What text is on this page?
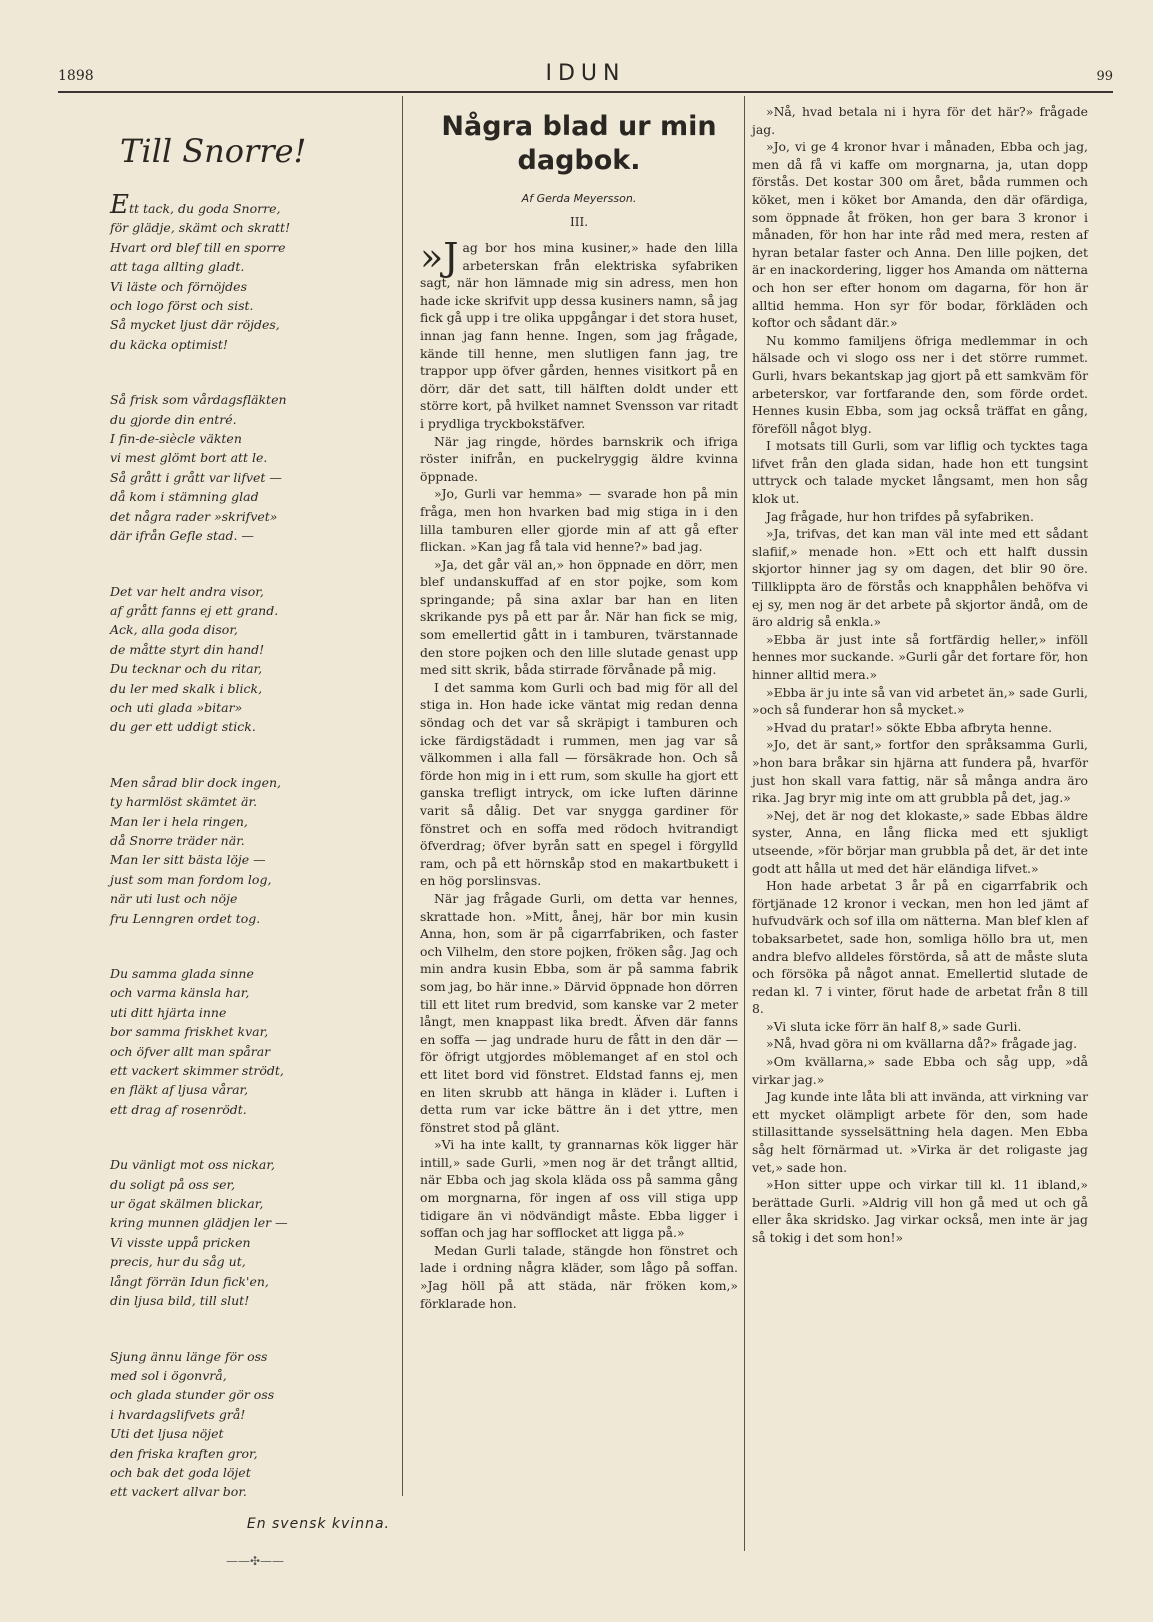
1898	IDUN	99
Till Snorre!
Ett tack, du goda Snorre,
för glädje, skämt och skratt!
Hvart ord blef till en sporre
att taga allting gladt.
Vi läste och förnöjdes
och logo först och sist.
Så mycket ljust där röjdes,
du käcka optimist!
Så frisk som vårdagsfläkten
du gjorde din entré.
I fin-de-siècle väkten
vi mest glömt bort att le.
Så grått i grått var lifvet —
då kom i stämning glad
det några rader »skrifvet»
där ifrån Gefle stad. —
Det var helt andra visor,
af grått fanns ej ett grand.
Ack, alla goda disor,
de måtte styrt din hand!
Du tecknar och du ritar,
du ler med skalk i blick,
och uti glada »bitar»
du ger ett uddigt stick.
Men sårad blir dock ingen,
ty harmlöst skämtet är.
Man ler i hela ringen,
då Snorre träder när.
Man ler sitt bästa löje —
just som man fordom log,
när uti lust och nöje
fru Lenngren ordet tog.
Du samma glada sinne
och varma känsla har,
uti ditt hjärta inne
bor samma friskhet kvar,
och öfver allt man spårar
ett vackert skimmer strödt,
en fläkt af ljusa vårar,
ett drag af rosenrödt.
Du vänligt mot oss nickar,
du soligt på oss ser,
ur ögat skälmen blickar,
kring munnen glädjen ler —
Vi visste uppå pricken
precis, hur du såg ut,
långt förrän Idun fick'en,
din ljusa bild, till slut!
Sjung ännu länge för oss
med sol i ögonvrå,
och glada stunder gör oss
i hvardagslifvets grå!
Uti det ljusa nöjet
den friska kraften gror,
och bak det goda löjet
ett vackert allvar bor.
En svensk kvinna.
——✣——
Några blad ur min dagbok.
Af Gerda Meyersson.
III.

»J ag bor hos mina kusiner,» hade den lilla arbeterskan från elektriska syfabriken sagt, när hon lämnade mig sin adress, men hon hade icke skrifvit upp dessa kusiners namn, så jag fick gå upp i tre olika uppgångar i det stora huset, innan jag fann henne. Ingen, som jag frågade, kände till henne, men slutligen fann jag, tre trappor upp öfver gården, hennes visitkort på en dörr, där det satt, till hälften doldt under ett större kort, på hvilket namnet Svensson var ritadt i prydliga tryckbokstäfver.

När jag ringde, hördes barnskrik och ifriga röster inifrån, en puckelryggig äldre kvinna öppnade.

»Jo, Gurli var hemma» — svarade hon på min fråga, men hon hvarken bad mig stiga in i den lilla tamburen eller gjorde min af att gå efter flickan. »Kan jag få tala vid henne?» bad jag.

»Ja, det går väl an,» hon öppnade en dörr, men blef undanskuffad af en stor pojke, som kom springande; på sina axlar bar han en liten skrikande pys på ett par år. När han fick se mig, som emellertid gått in i tamburen, tvärstannade den store pojken och den lille slutade genast upp med sitt skrik, båda stirrade förvånade på mig.

I det samma kom Gurli och bad mig för all del stiga in. Hon hade icke väntat mig redan denna söndag och det var så skräpigt i tamburen och icke färdigstädadt i rummen, men jag var så välkommen i alla fall — försäkrade hon. Och så förde hon mig in i ett rum, som skulle ha gjort ett ganska trefligt intryck, om icke luften därinne varit så dålig. Det var snygga gardiner för fönstret och en soffa med rödoch hvitrandigt öfverdrag; öfver byrån satt en spegel i förgylld ram, och på ett hörnskåp stod en makartbukett i en hög porslinsvas.

När jag frågade Gurli, om detta var hennes, skrattade hon. »Mitt, ånej, här bor min kusin Anna, hon, som är på cigarrfabriken, och faster och Vilhelm, den store pojken, fröken såg. Jag och min andra kusin Ebba, som är på samma fabrik som jag, bo här inne.» Därvid öppnade hon dörren till ett litet rum bredvid, som kanske var 2 meter långt, men knappast lika bredt. Äfven där fanns en soffa — jag undrade huru de fått in den där — för öfrigt utgjordes möblemanget af en stol och ett litet bord vid fönstret. Eldstad fanns ej, men en liten skrubb att hänga in kläder i. Luften i detta rum var icke bättre än i det yttre, men fönstret stod på glänt.

»Vi ha inte kallt, ty grannarnas kök ligger här intill,» sade Gurli, »men nog är det trångt alltid, när Ebba och jag skola kläda oss på samma gång om morgnarna, för ingen af oss vill stiga upp tidigare än vi nödvändigt måste. Ebba ligger i soffan och jag har sofflocket att ligga på.»

Medan Gurli talade, stängde hon fönstret och lade i ordning några kläder, som lågo på soffan. »Jag höll på att städa, när fröken kom,» förklarade hon.

»Nå, hvad betala ni i hyra för det här?» frågade jag.

»Jo, vi ge 4 kronor hvar i månaden, Ebba och jag, men då få vi kaffe om morgnarna, ja, utan dopp förstås. Det kostar 300 om året, båda rummen och köket, men i köket bor Amanda, den där ofärdiga, som öppnade åt fröken, hon ger bara 3 kronor i månaden, för hon har inte råd med mera, resten af hyran betalar faster och Anna. Den lille pojken, det är en inackordering, ligger hos Amanda om nätterna och hon ser efter honom om dagarna, för hon är alltid hemma. Hon syr för bodar, förkläden och koftor och sådant där.»

Nu kommo familjens öfriga medlemmar in och hälsade och vi slogo oss ner i det större rummet. Gurli, hvars bekantskap jag gjort på ett samkväm för arbeterskor, var fortfarande den, som förde ordet. Hennes kusin Ebba, som jag också träffat en gång, föreföll något blyg.

I motsats till Gurli, som var liflig och tycktes taga lifvet från den glada sidan, hade hon ett tungsint uttryck och talade mycket långsamt, men hon såg klok ut.

Jag frågade, hur hon trifdes på syfabriken.

»Ja, trifvas, det kan man väl inte med ett sådant slafiif,» menade hon. »Ett och ett halft dussin skjortor hinner jag sy om dagen, det blir 90 öre. Tillklippta äro de förstås och knapphålen behöfva vi ej sy, men nog är det arbete på skjortor ändå, om de äro aldrig så enkla.»

»Ebba är just inte så fortfärdig heller,» inföll hennes mor suckande. »Gurli går det fortare för, hon hinner alltid mera.»

»Ebba är ju inte så van vid arbetet än,» sade Gurli, »och så funderar hon så mycket.»

»Hvad du pratar!» sökte Ebba afbryta henne.

»Jo, det är sant,» fortfor den språksamma Gurli, »hon bara bråkar sin hjärna att fundera på, hvarför just hon skall vara fattig, när så många andra äro rika. Jag bryr mig inte om att grubbla på det, jag.»

»Nej, det är nog det klokaste,» sade Ebbas äldre syster, Anna, en lång flicka med ett sjukligt utseende, »för börjar man grubbla på det, är det inte godt att hålla ut med det här eländiga lifvet.»

Hon hade arbetat 3 år på en cigarrfabrik och förtjänade 12 kronor i veckan, men hon led jämt af hufvudvärk och sof illa om nätterna. Man blef klen af tobaksarbetet, sade hon, somliga höllo bra ut, men andra blefvo alldeles förstörda, så att de måste sluta och försöka på något annat. Emellertid slutade de redan kl. 7 i vinter, förut hade de arbetat från 8 till 8.

»Vi sluta icke förr än half 8,» sade Gurli.

»Nå, hvad göra ni om kvällarna då?» frågade jag.

»Om kvällarna,» sade Ebba och såg upp, »då virkar jag.»

Jag kunde inte låta bli att invända, att virkning var ett mycket olämpligt arbete för den, som hade stillasittande sysselsättning hela dagen. Men Ebba såg helt förnärmad ut. »Virka är det roligaste jag vet,» sade hon.

»Hon sitter uppe och virkar till kl. 11 ibland,» berättade Gurli. »Aldrig vill hon gå med ut och gå eller åka skridsko. Jag virkar också, men inte är jag så tokig i det som hon!»
